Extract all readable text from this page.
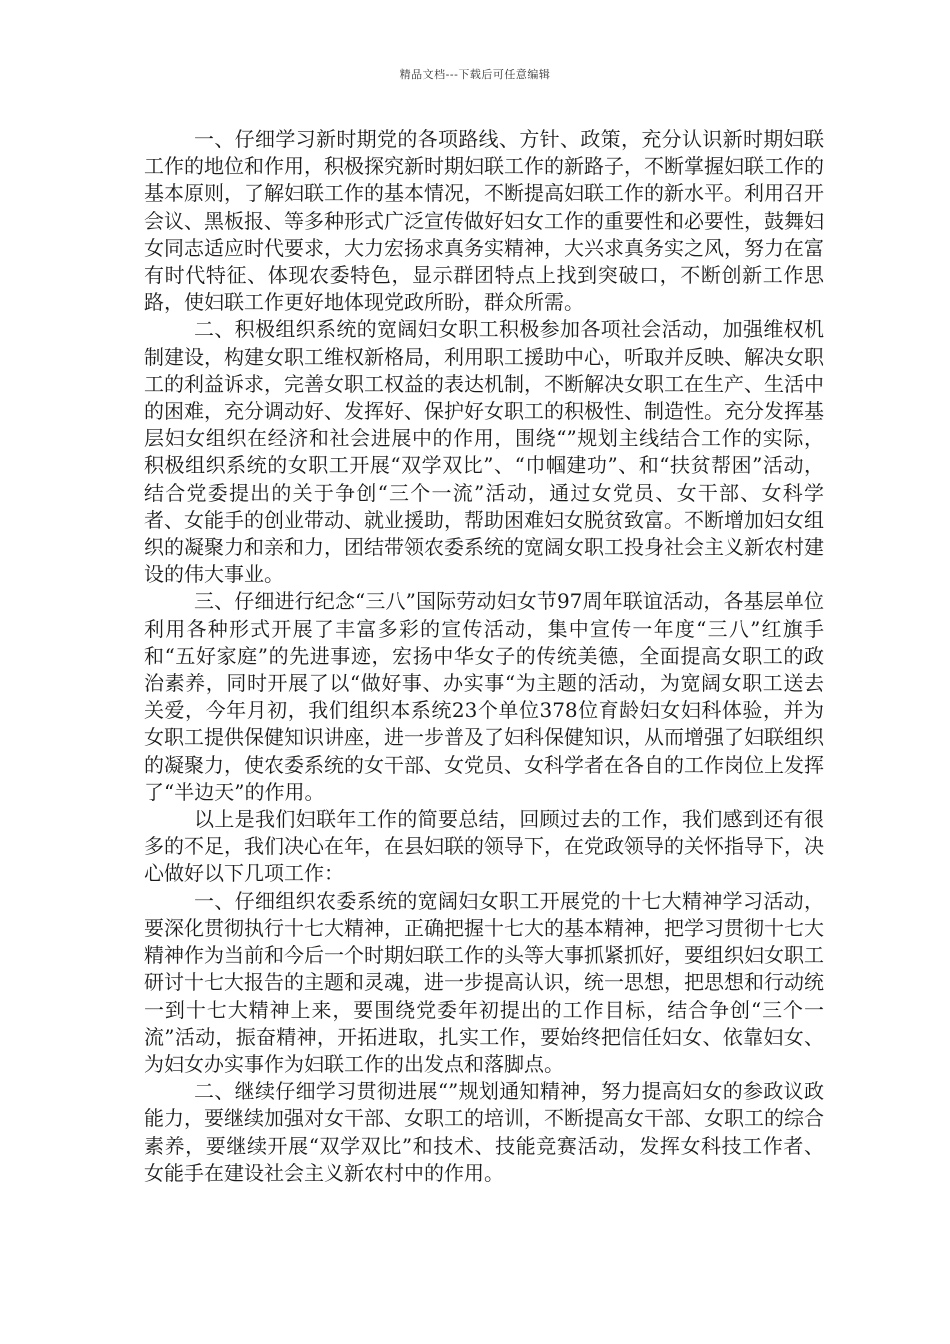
精品文档---下载后可任意编辑

一、仔细学习新时期党的各项路线、方针、政策，充分认识新时期妇联工作的地位和作用，积极探究新时期妇联工作的新路子，不断掌握妇联工作的基本原则，了解妇联工作的基本情况，不断提高妇联工作的新水平。利用召开会议、黑板报、等多种形式广泛宣传做好妇女工作的重要性和必要性，鼓舞妇女同志适应时代要求，大力宏扬求真务实精神，大兴求真务实之风，努力在富有时代特征、体现农委特色，显示群团特点上找到突破口，不断创新工作思路，使妇联工作更好地体现党政所盼，群众所需。

二、积极组织系统的宽阔妇女职工积极参加各项社会活动，加强维权机制建设，构建女职工维权新格局，利用职工援助中心，听取并反映、解决女职工的利益诉求，完善女职工权益的表达机制，不断解决女职工在生产、生活中的困难，充分调动好、发挥好、保护好女职工的积极性、制造性。充分发挥基层妇女组织在经济和社会进展中的作用，围绕“”规划主线结合工作的实际，积极组织系统的女职工开展“双学双比”、“巾帼建功”、和“扶贫帮困”活动，结合党委提出的关于争创“三个一流”活动，通过女党员、女干部、女科学者、女能手的创业带动、就业援助，帮助困难妇女脱贫致富。不断增加妇女组织的凝聚力和亲和力，团结带领农委系统的宽阔女职工投身社会主义新农村建设的伟大事业。

三、仔细进行纪念“三八”国际劳动妇女节97周年联谊活动，各基层单位利用各种形式开展了丰富多彩的宣传活动，集中宣传一年度“三八”红旗手和“五好家庭”的先进事迹，宏扬中华女子的传统美德，全面提高女职工的政治素养，同时开展了以“做好事、办实事“为主题的活动，为宽阔女职工送去关爱，今年月初，我们组织本系统23个单位378位育龄妇女妇科体验，并为女职工提供保健知识讲座，进一步普及了妇科保健知识，从而增强了妇联组织的凝聚力，使农委系统的女干部、女党员、女科学者在各自的工作岗位上发挥了“半边天”的作用。

以上是我们妇联年工作的简要总结，回顾过去的工作，我们感到还有很多的不足，我们决心在年，在县妇联的领导下，在党政领导的关怀指导下，决心做好以下几项工作：

一、仔细组织农委系统的宽阔妇女职工开展党的十七大精神学习活动，要深化贯彻执行十七大精神，正确把握十七大的基本精神，把学习贯彻十七大精神作为当前和今后一个时期妇联工作的头等大事抓紧抓好，要组织妇女职工研讨十七大报告的主题和灵魂，进一步提高认识，统一思想，把思想和行动统一到十七大精神上来，要围绕党委年初提出的工作目标，结合争创“三个一流”活动，振奋精神，开拓进取，扎实工作，要始终把信任妇女、依靠妇女、为妇女办实事作为妇联工作的出发点和落脚点。

二、继续仔细学习贯彻进展“”规划通知精神，努力提高妇女的参政议政能力，要继续加强对女干部、女职工的培训，不断提高女干部、女职工的综合素养，要继续开展“双学双比”和技术、技能竞赛活动，发挥女科技工作者、女能手在建设社会主义新农村中的作用。
